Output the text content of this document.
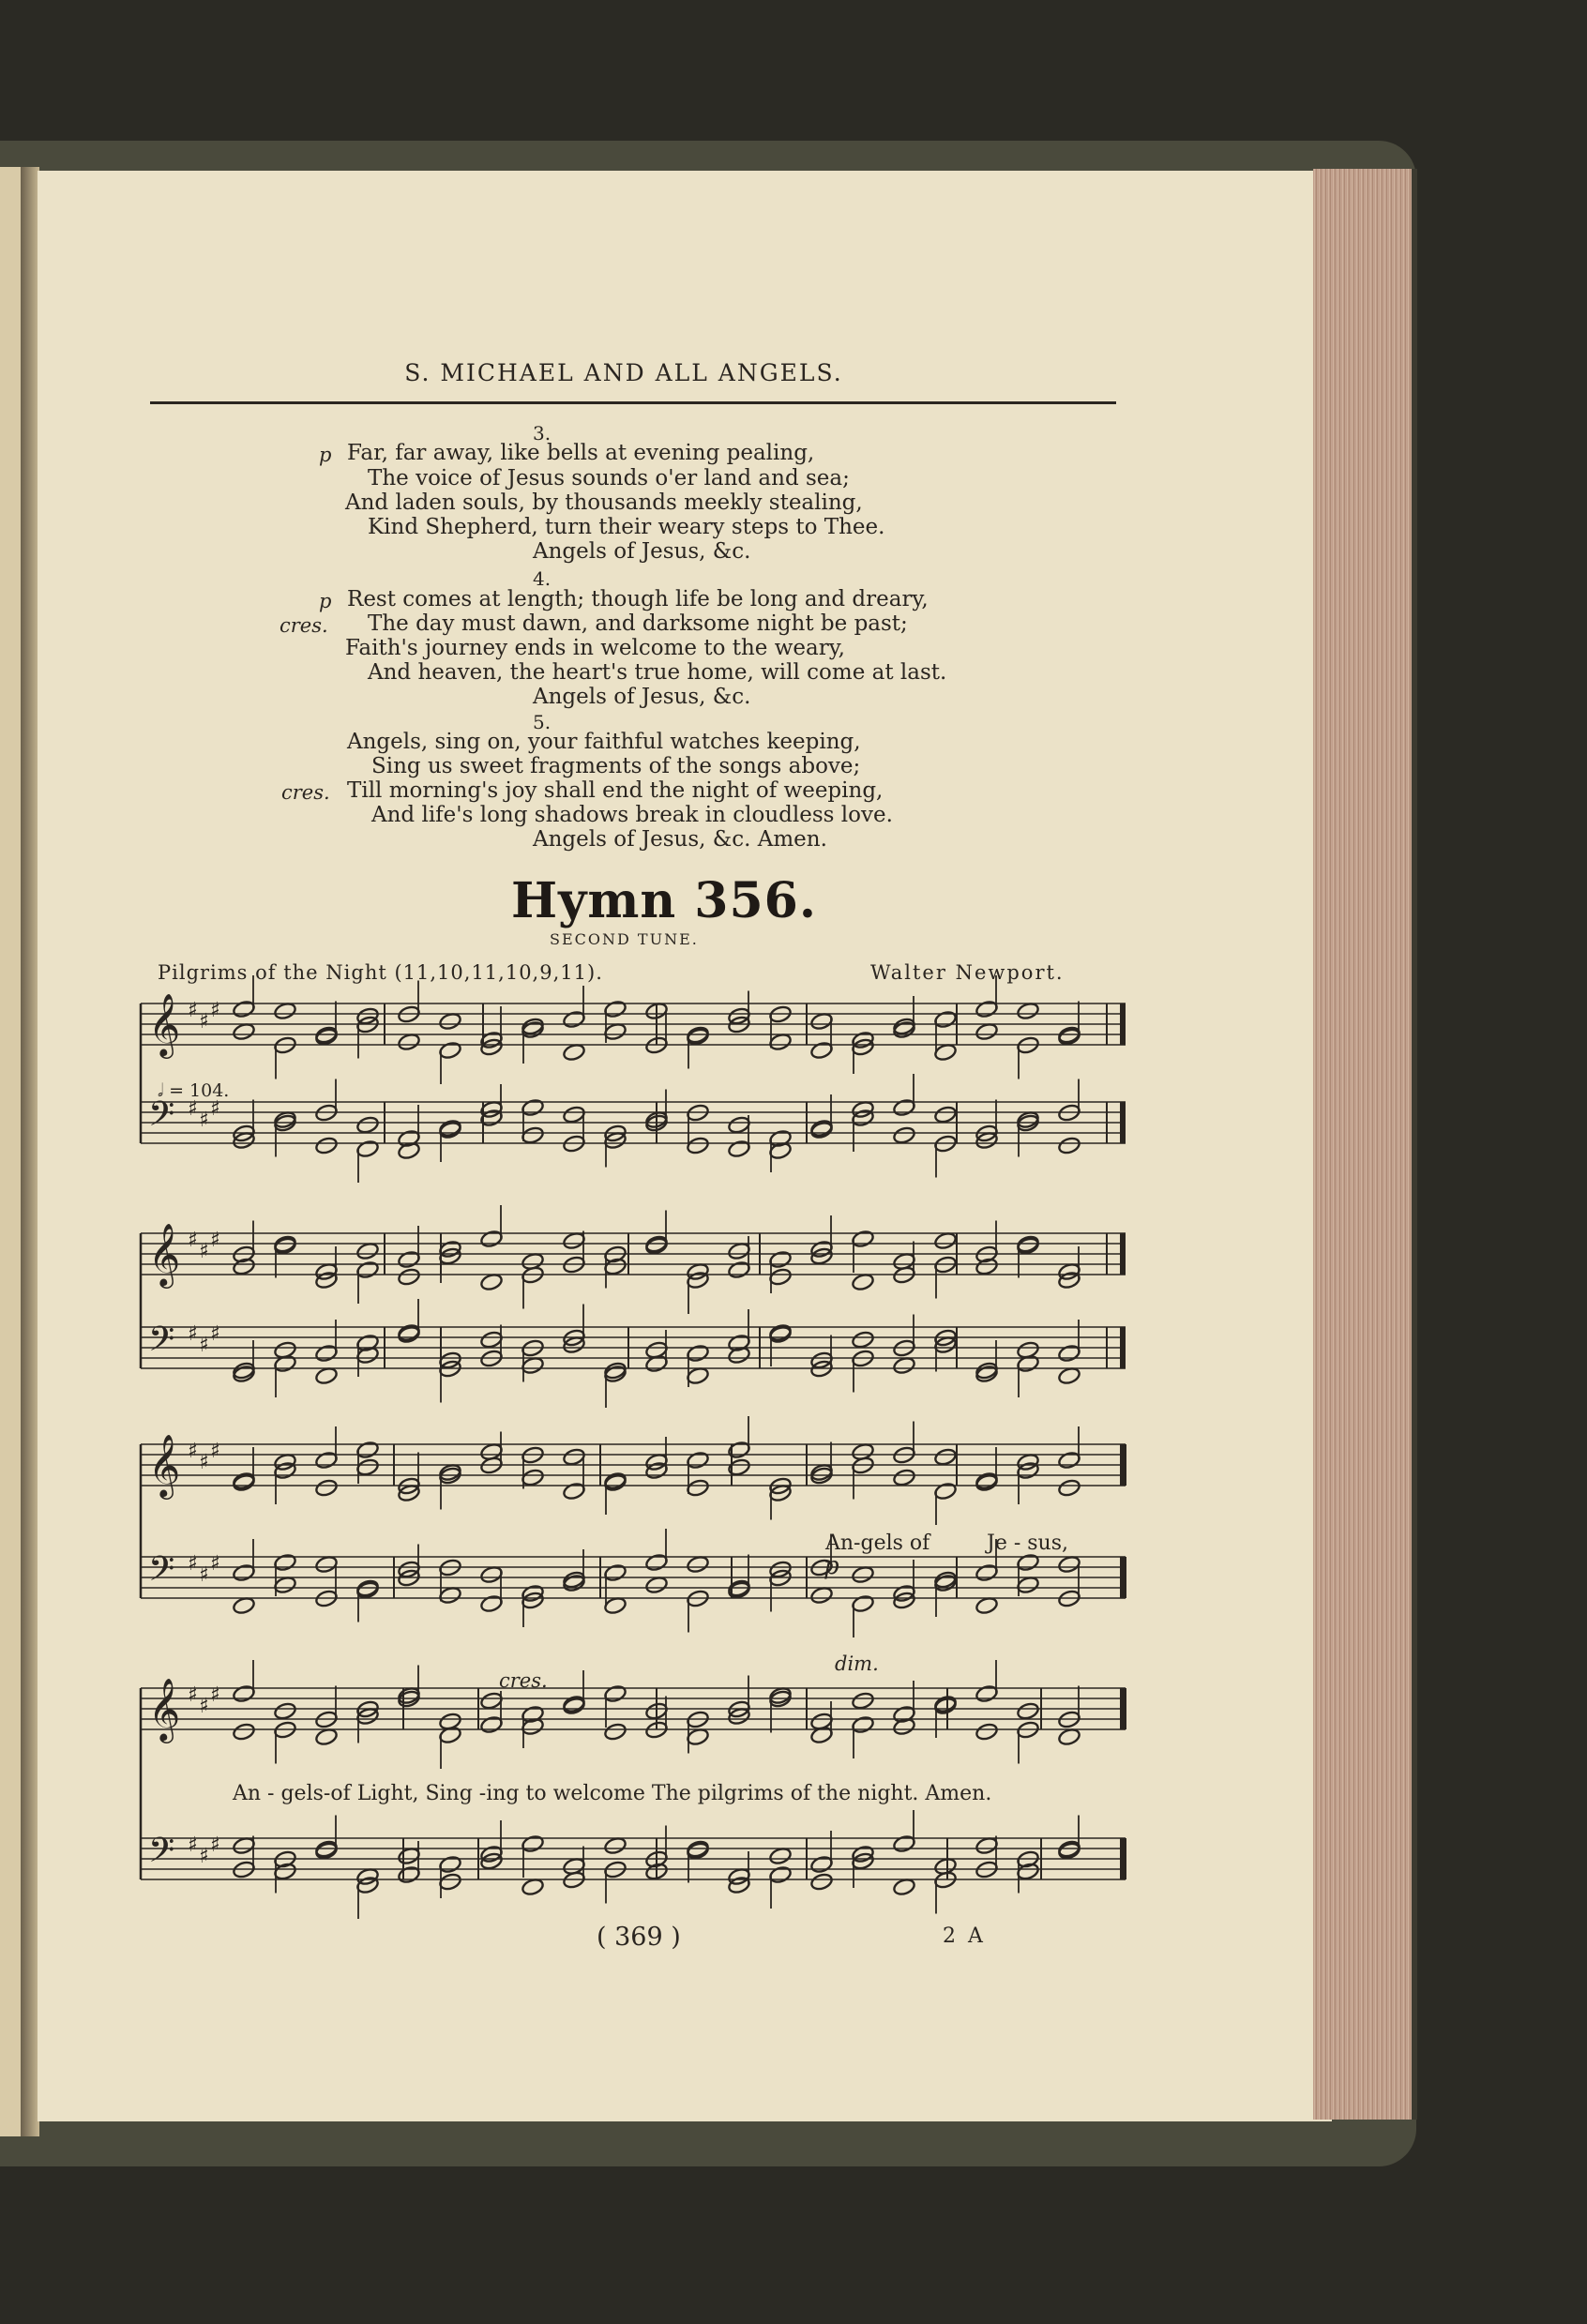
S. MICHAEL AND ALL ANGELS.
3.
p Far, far away, like bells at evening pealing,
The voice of Jesus sounds o'er land and sea;
And laden souls, by thousands meekly stealing,
Kind Shepherd, turn their weary steps to Thee.
Angels of Jesus, &c.
4.
p Rest comes at length; though life be long and dreary,
cres. The day must dawn, and darksome night be past;
Faith's journey ends in welcome to the weary,
And heaven, the heart's true home, will come at last.
Angels of Jesus, &c.
5.
Angels, sing on, your faithful watches keeping,
Sing us sweet fragments of the songs above;
cres. Till morning's joy shall end the night of weeping,
And life's long shadows break in cloudless love.
Angels of Jesus, &c. Amen.
Hymn 356.
SECOND TUNE.
Pilgrims of the Night (11,10,11,10,9,11).	Walter Newport.
𝅗𝅥 = 104.
𝄞 ♯ ♯ ♯
𝄢 ♯ ♯ ♯
𝄞 ♯ ♯ ♯
𝄢 ♯ ♯ ♯
𝄞 ♯ ♯ ♯
𝄢 ♯ ♯ ♯
𝄞 ♯ ♯ ♯
𝄢 ♯ ♯ ♯
p
An-gels of	Je - sus,
dim.
cres.
An - gels-of Light, Sing -ing to welcome The pilgrims of the night. Amen.
( 369 )	2 A
